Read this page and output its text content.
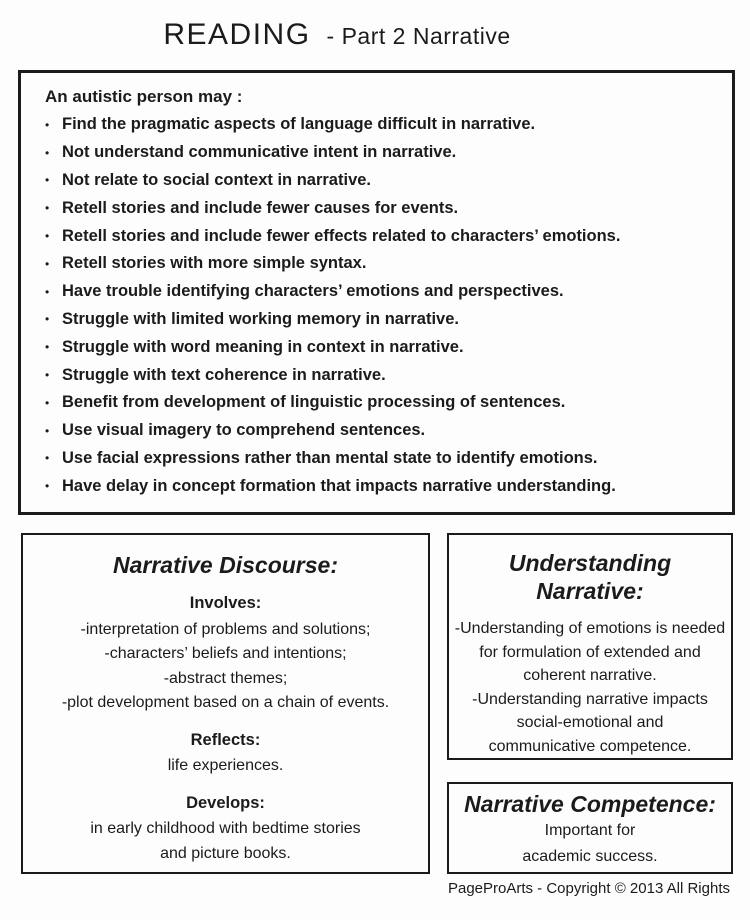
READING - Part 2 Narrative
An autistic person may :
• Find the pragmatic aspects of language difficult in narrative.
• Not understand communicative intent in narrative.
• Not relate to social context in narrative.
• Retell stories and include fewer causes for events.
• Retell stories and include fewer effects related to characters’ emotions.
• Retell stories with more simple syntax.
• Have trouble identifying characters’ emotions and perspectives.
• Struggle with limited working memory in narrative.
• Struggle with word meaning in context in narrative.
• Struggle with text coherence in narrative.
• Benefit from development of linguistic processing of sentences.
• Use visual imagery to comprehend sentences.
• Use facial expressions rather than mental state to identify emotions.
• Have delay in concept formation that impacts narrative understanding.
Narrative Discourse:
Involves:
-interpretation of problems and solutions;
-characters’ beliefs and intentions;
-abstract themes;
-plot development based on a chain of events.
Reflects:
life experiences.
Develops:
in early childhood with bedtime stories
and picture books.
Understanding Narrative:
-Understanding of emotions is needed
for formulation of extended and
coherent narrative.
-Understanding narrative impacts
social-emotional and
communicative competence.
Narrative Competence:
Important for
academic success.
PageProArts - Copyright © 2013 All Rights
